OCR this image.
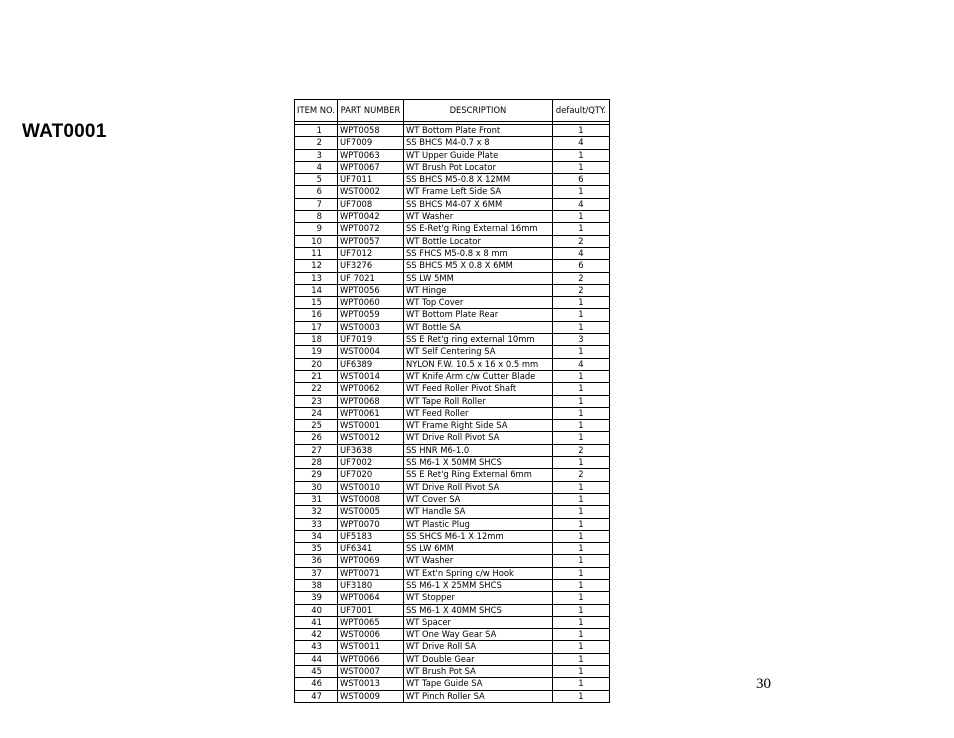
WAT0001
ITEM NO.	PART NUMBER	DESCRIPTION	default/QTY.

1	WPT0058	WT Bottom Plate Front	1
2	UF7009	SS BHCS M4-0.7 x 8	4
3	WPT0063	WT Upper Guide Plate	1
4	WPT0067	WT Brush Pot Locator	1
5	UF7011	SS BHCS M5-0.8 X 12MM	6
6	WST0002	WT Frame Left Side SA	1
7	UF7008	SS BHCS M4-07 X 6MM	4
8	WPT0042	WT Washer	1
9	WPT0072	SS E-Ret'g Ring External 16mm	1
10	WPT0057	WT Bottle Locator	2
11	UF7012	SS FHCS M5-0.8 x 8 mm	4
12	UF3276	SS BHCS M5 X 0.8 X 6MM	6
13	UF 7021	SS LW 5MM	2
14	WPT0056	WT Hinge	2
15	WPT0060	WT Top Cover	1
16	WPT0059	WT Bottom Plate Rear	1
17	WST0003	WT Bottle SA	1
18	UF7019	SS E Ret'g ring external 10mm	3
19	WST0004	WT Self Centering SA	1
20	UF6389	NYLON F.W. 10.5 x 16 x 0.5 mm	4
21	WST0014	WT Knife Arm c/w Cutter Blade	1
22	WPT0062	WT Feed Roller Pivot Shaft	1
23	WPT0068	WT Tape Roll Roller	1
24	WPT0061	WT Feed Roller	1
25	WST0001	WT Frame Right Side SA	1
26	WST0012	WT Drive Roll Pivot SA	1
27	UF3638	SS HNR M6-1.0	2
28	UF7002	SS M6-1 X 50MM SHCS	1
29	UF7020	SS E Ret'g Ring External 6mm	2
30	WST0010	WT Drive Roll Pivot SA	1
31	WST0008	WT Cover SA	1
32	WST0005	WT Handle SA	1
33	WPT0070	WT Plastic Plug	1
34	UF5183	SS SHCS M6-1 X 12mm	1
35	UF6341	SS LW 6MM	1
36	WPT0069	WT Washer	1
37	WPT0071	WT Ext'n Spring c/w Hook	1
38	UF3180	SS M6-1 X 25MM SHCS	1
39	WPT0064	WT Stopper	1
40	UF7001	SS M6-1 X 40MM SHCS	1
41	WPT0065	WT Spacer	1
42	WST0006	WT One Way Gear SA	1
43	WST0011	WT Drive Roll SA	1
44	WPT0066	WT Double Gear	1
45	WST0007	WT Brush Pot SA	1
46	WST0013	WT Tape Guide SA	1
47	WST0009	WT Pinch Roller SA	1
30
